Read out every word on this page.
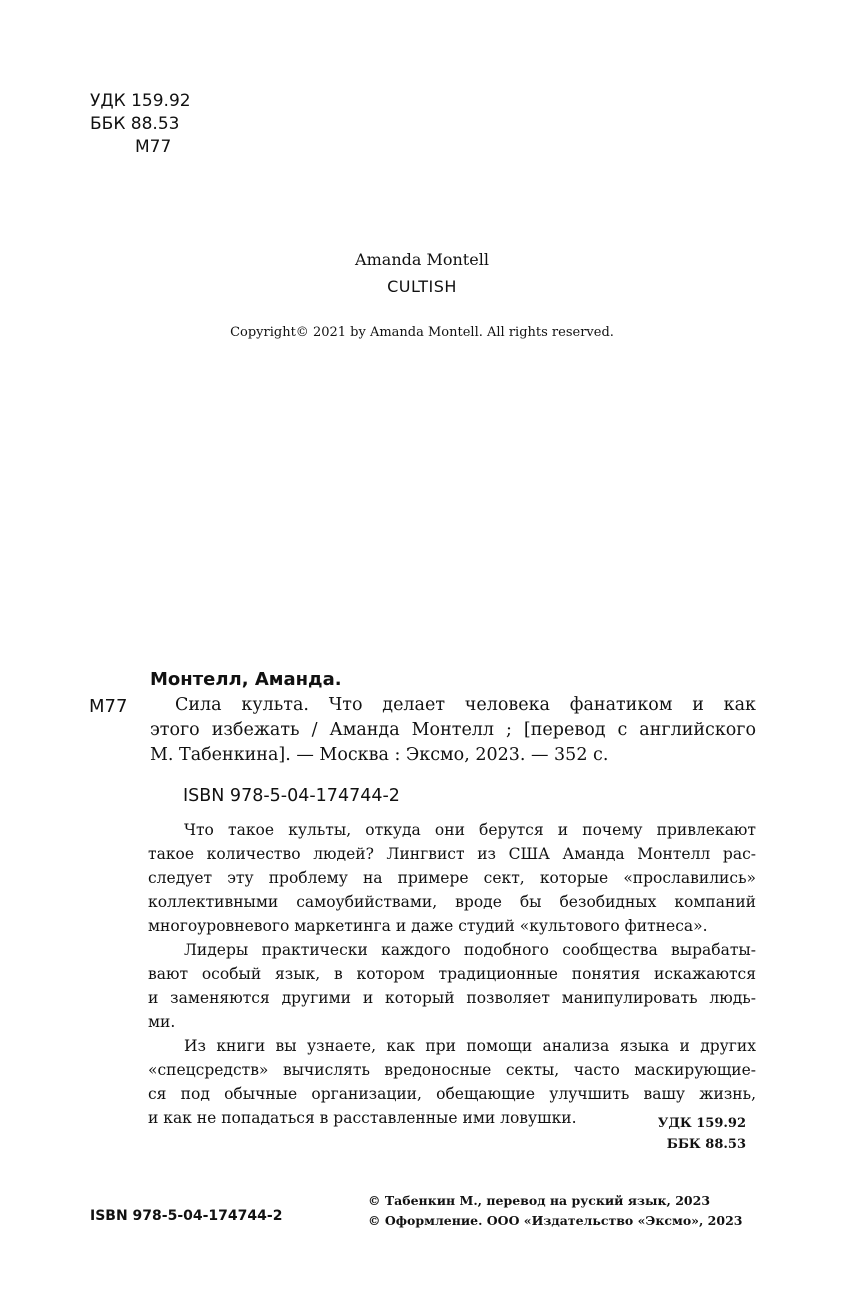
УДК 159.92
ББК 88.53
М77
Amanda Montell
CULTISH
Copyright© 2021 by Amanda Montell. All rights reserved.
Монтелл, Аманда.
М77	Сила культа. Что делает человека фанатиком и как
этого избежать / Аманда Монтелл ; [перевод с английского
М. Табенкина]. — Москва : Эксмо, 2023. — 352 с.
ISBN 978-5-04-174744-2
Что такое культы, откуда они берутся и почему привлекают
такое количество людей? Лингвист из США Аманда Монтелл рас-
следует эту проблему на примере сект, которые «прославились»
коллективными самоубийствами, вроде бы безобидных компаний
многоуровневого маркетинга и даже студий «культового фитнеса».
Лидеры практически каждого подобного сообщества вырабаты-
вают особый язык, в котором традиционные понятия искажаются
и заменяются другими и который позволяет манипулировать людь-
ми.
Из книги вы узнаете, как при помощи анализа языка и других
«спецсредств» вычислять вредоносные секты, часто маскирующие-
ся под обычные организации, обещающие улучшить вашу жизнь,
и как не попадаться в расставленные ими ловушки.	УДК 159.92
ББК 88.53
ISBN 978-5-04-174744-2
© Табенкин М., перевод на руский язык, 2023
© Оформление. ООО «Издательство «Эксмо», 2023
